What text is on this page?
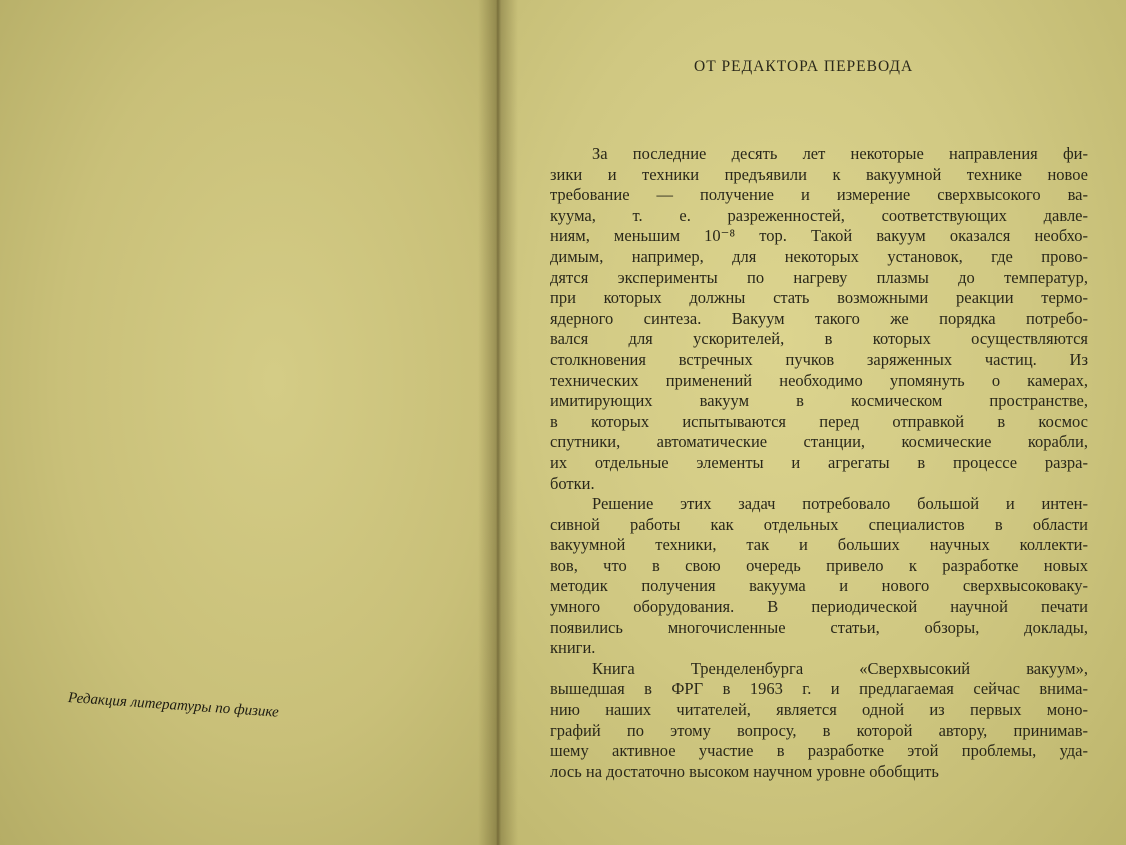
Редакция литературы по физике

ОТ РЕДАКТОРА ПЕРЕВОДА
За последние десять лет некоторые направления фи-
зики и техники предъявили к вакуумной технике новое
требование — получение и измерение сверхвысокого ва-
куума, т. е. разреженностей, соответствующих давле-
ниям, меньшим 10⁻⁸ тор. Такой вакуум оказался необхо-
димым, например, для некоторых установок, где прово-
дятся эксперименты по нагреву плазмы до температур,
при которых должны стать возможными реакции термо-
ядерного синтеза. Вакуум такого же порядка потребо-
вался для ускорителей, в которых осуществляются
столкновения встречных пучков заряженных частиц. Из
технических применений необходимо упомянуть о камерах,
имитирующих вакуум в космическом пространстве,
в которых испытываются перед отправкой в космос
спутники, автоматические станции, космические корабли,
их отдельные элементы и агрегаты в процессе разра-
ботки.
Решение этих задач потребовало большой и интен-
сивной работы как отдельных специалистов в области
вакуумной техники, так и больших научных коллекти-
вов, что в свою очередь привело к разработке новых
методик получения вакуума и нового сверхвысоковаку-
умного оборудования. В периодической научной печати
появились многочисленные статьи, обзоры, доклады,
книги.
Книга Тренделенбурга «Сверхвысокий вакуум»,
вышедшая в ФРГ в 1963 г. и предлагаемая сейчас внима-
нию наших читателей, является одной из первых моно-
графий по этому вопросу, в которой автору, принимав-
шему активное участие в разработке этой проблемы, уда-
лось на достаточно высоком научном уровне обобщить
